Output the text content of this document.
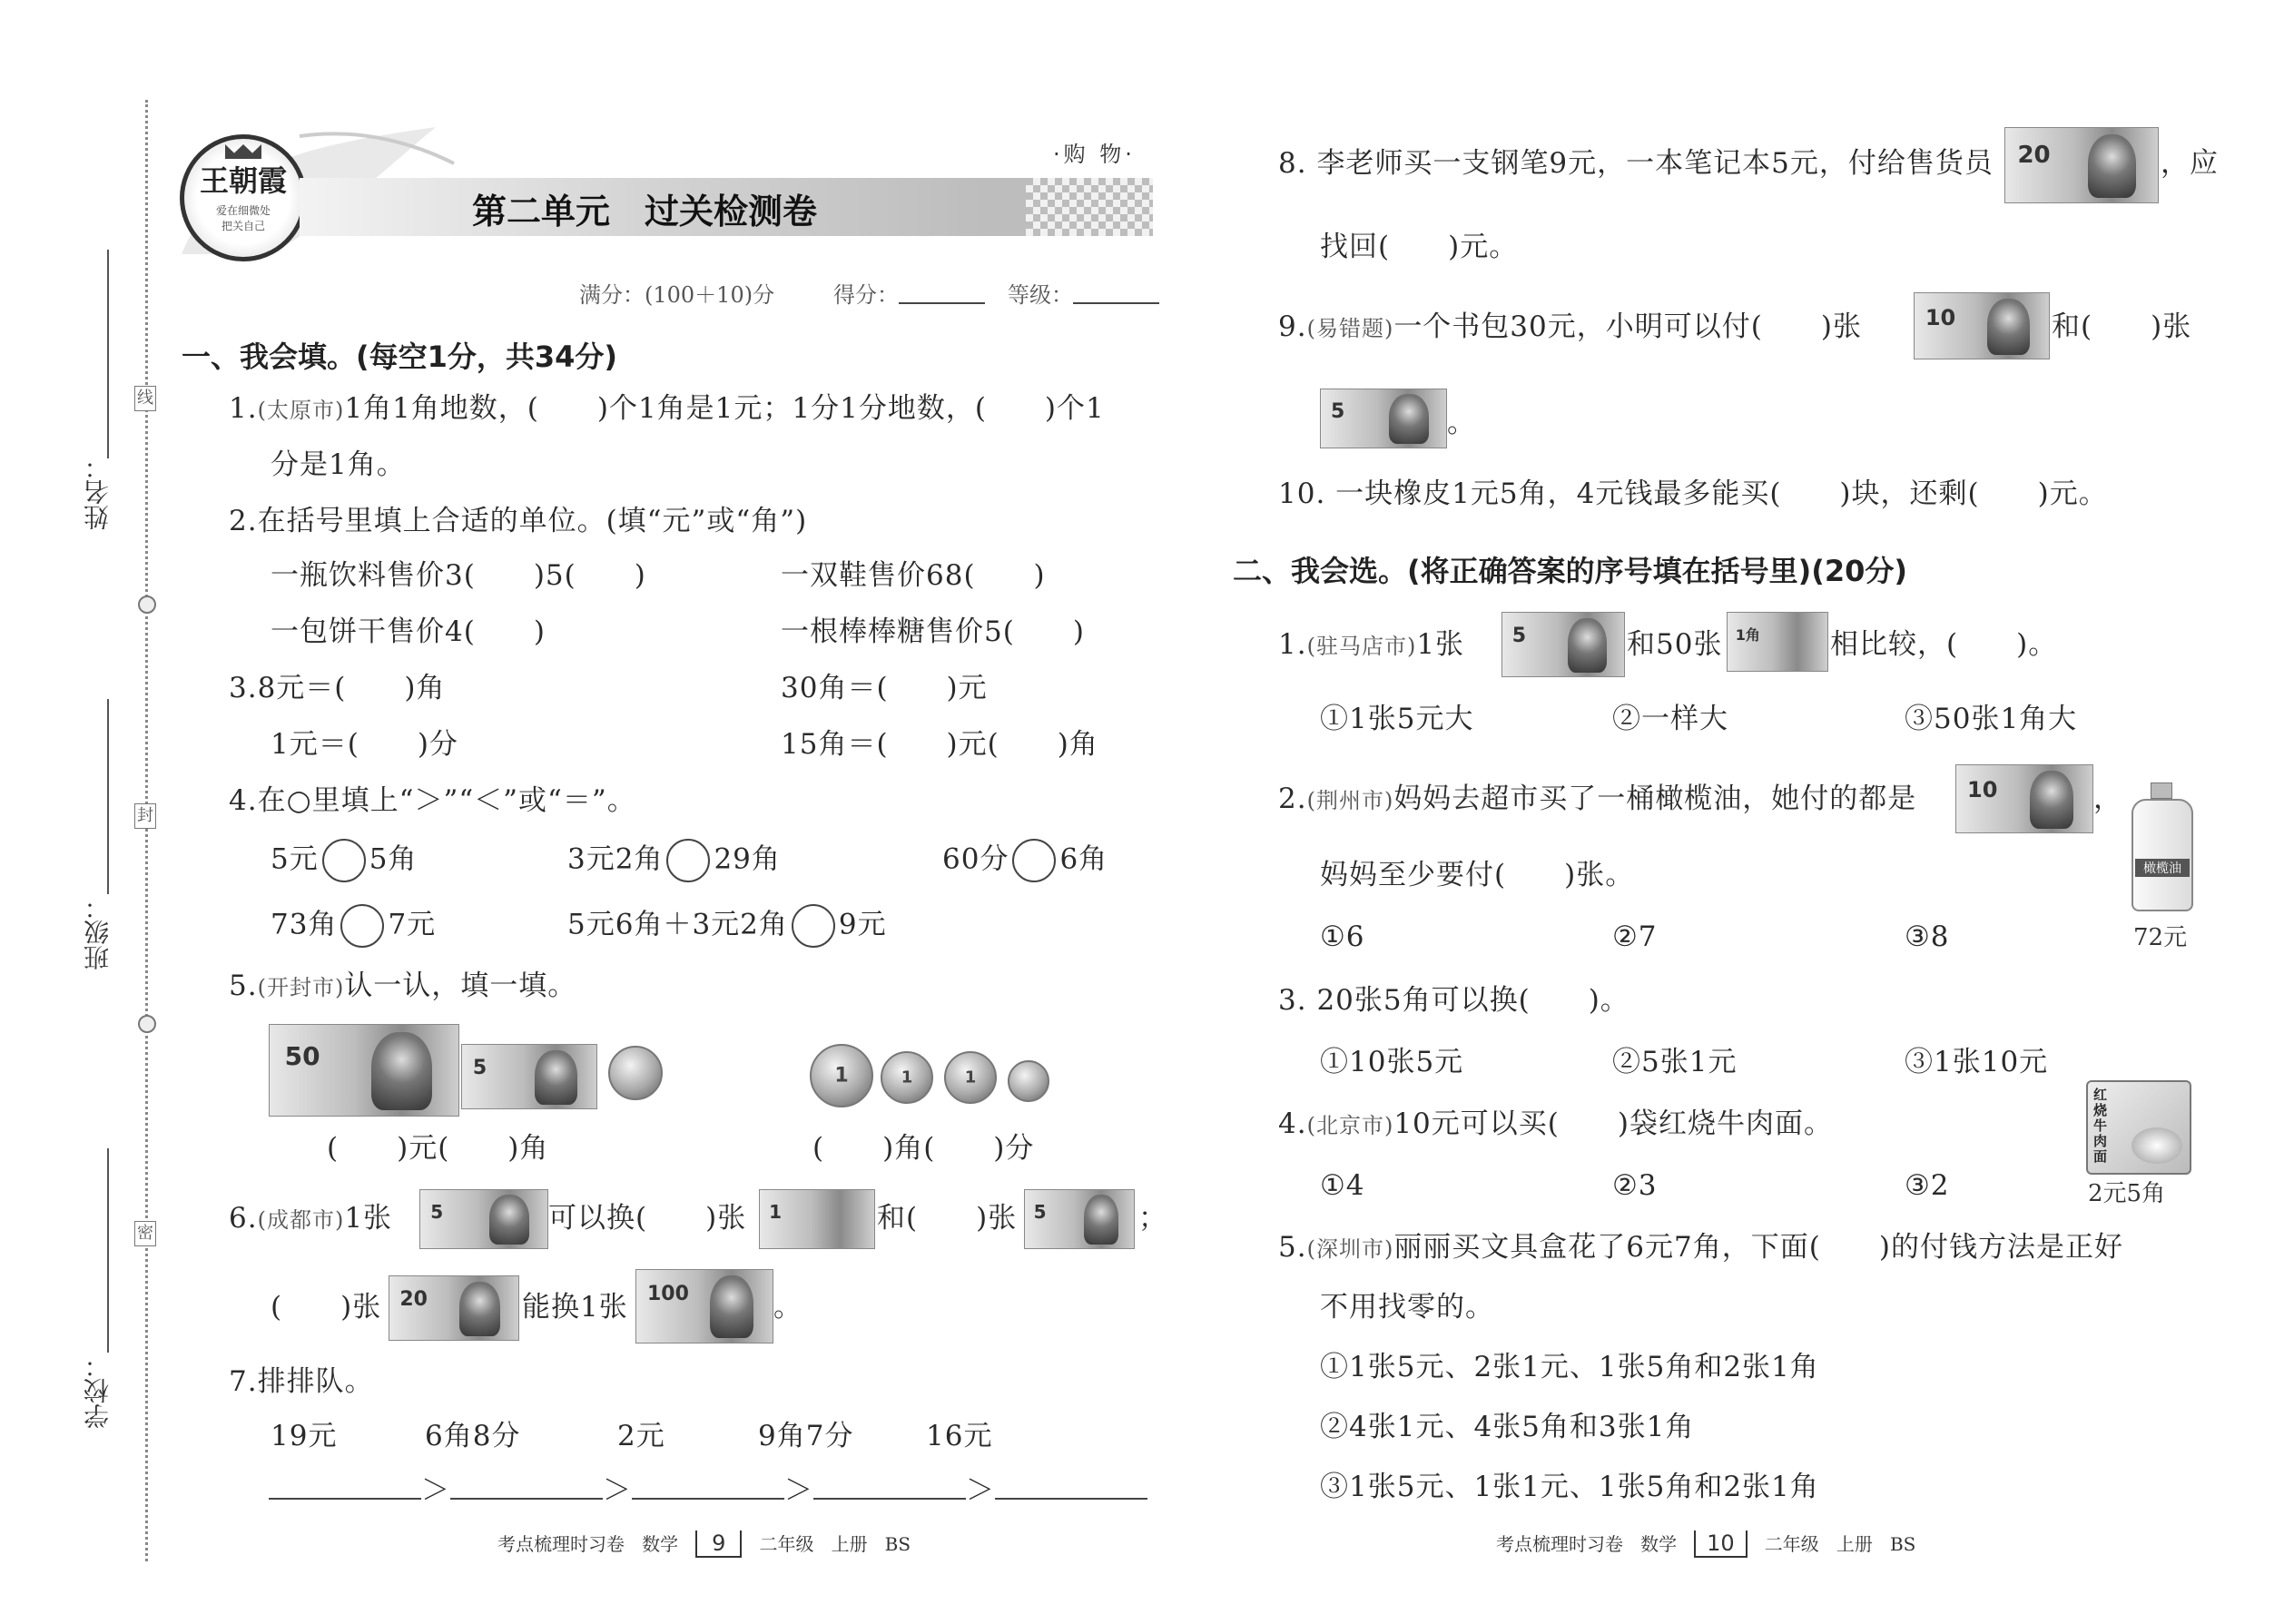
姓名：
班级：
学校：
线
封
密
王朝霞
爱在细微处
把关自己
·购 物·
第二单元　过关检测卷
满分：(100＋10)分	得分：	等级：
一、我会填。(每空1分，共34分)
1.(太原市)1角1角地数，(　　)个1角是1元；1分1分地数，(　　)个1
分是1角。
2.在括号里填上合适的单位。(填“元”或“角”)
一瓶饮料售价3(　　)5(　　)	一双鞋售价68(　　)
一包饼干售价4(　　)	一根棒棒糖售价5(　　)
3.8元＝(　　)角	30角＝(　　)元
1元＝(　　)分	15角＝(　　)元(　　)角
4.在○里填上“＞”“＜”或“＝”。
5元 5角	3元2角 29角	60分 6角
73角 7元	5元6角＋3元2角 9元
5.(开封市)认一认，填一填。
50	5	1	1	1
(　　)元(　　)角	(　　)角(　　)分
6.(成都市)1张 5	可以换(　　)张 1	和(　　)张 5	；
(　　)张 20	能换1张 100	。
7.排排队。
19元	6角8分	2元	9角7分	16元
＞	＞	＞	＞
考点梳理时习卷 数学 9 二年级 上册 BS
8. 李老师买一支钢笔9元，一本笔记本5元，付给售货员 20	，应
找回(　　)元。
9.(易错题)一个书包30元，小明可以付(　　)张	10	和(　　)张
5	。
10. 一块橡皮1元5角，4元钱最多能买(　　)块，还剩(　　)元。
二、我会选。(将正确答案的序号填在括号里)(20分)
1.(驻马店市)1张 5	和50张 1角 相比较，(　　)。
①1张5元大	②一样大	③50张1角大
2.(荆州市)妈妈去超市买了一桶橄榄油，她付的都是 10	，
妈妈至少要付(　　)张。
①6	②7	③8
橄榄油
72元
3. 20张5角可以换(　　)。
①10张5元	②5张1元	③1张10元
4.(北京市)10元可以买(　　)袋红烧牛肉面。
①4	②3	③2
红烧牛肉面
2元5角
5.(深圳市)丽丽买文具盒花了6元7角，下面(　　)的付钱方法是正好
不用找零的。
①1张5元、2张1元、1张5角和2张1角
②4张1元、4张5角和3张1角
③1张5元、1张1元、1张5角和2张1角
考点梳理时习卷 数学 10 二年级 上册 BS
